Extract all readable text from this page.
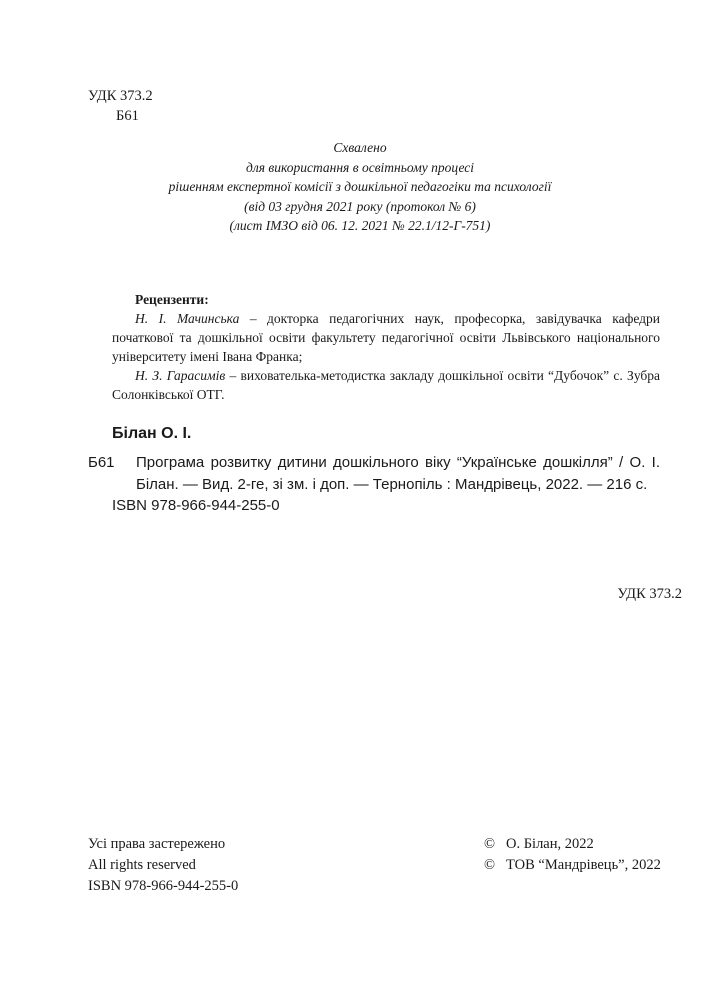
УДК 373.2
Б61
Схвалено
для використання в освітньому процесі
рішенням експертної комісії з дошкільної педагогіки та психології
(від 03 грудня 2021 року (протокол № 6)
(лист ІМЗО від 06. 12. 2021 № 22.1/12-Г-751)
Рецензенти:
Н. І. Мачинська – докторка педагогічних наук, професорка, завідувачка кафедри початкової та дошкільної освіти факультету педагогічної освіти Львівського національного університету імені Івана Франка;
Н. З. Гарасимів – вихователька-методистка закладу дошкільної освіти “Дубочок” с. Зубра Солонківської ОТГ.
Білан О. І.
Б61 Програма розвитку дитини дошкільного віку “Українське дошкілля” / О. І. Білан. — Вид. 2-ге, зі зм. і доп. — Тернопіль : Мандрівець, 2022. — 216 с.
ISBN 978-966-944-255-0
УДК 373.2
Усі права застережено
All rights reserved
ISBN 978-966-944-255-0
© О. Білан, 2022
© ТОВ “Мандрівець”, 2022
